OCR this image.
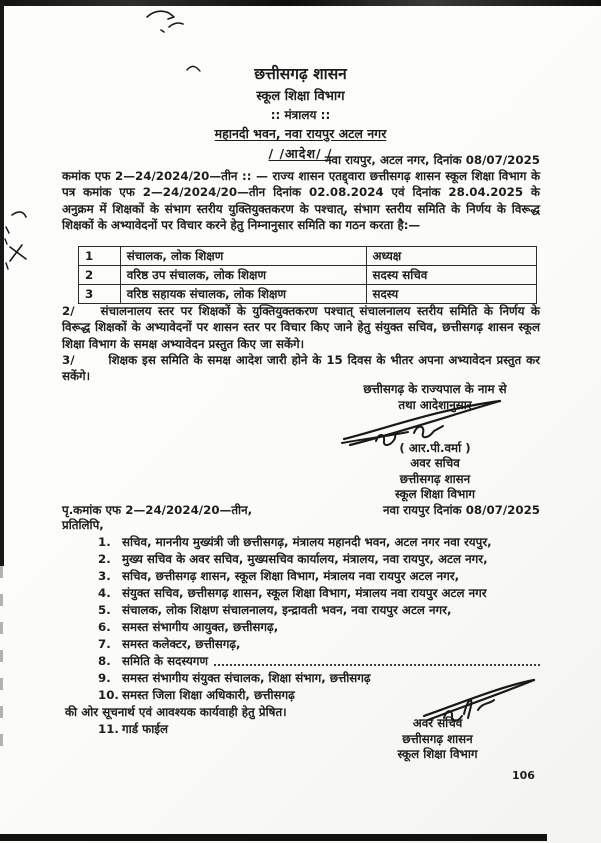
छत्तीसगढ़ शासन
स्कूल शिक्षा विभाग
:: मंत्रालय ::
महानदी भवन, नवा रायपुर अटल नगर
/ /आदेश/ /
नवा रायपुर, अटल नगर, दिनांक 08/07/2025
कमांक एफ 2—24/2024/20—तीन :: — राज्य शासन एतद्द्वारा छत्तीसगढ़ शासन स्कूल शिक्षा विभाग के पत्र कमांक एफ 2—24/2024/20—तीन दिनांक 02.08.2024 एवं दिनांक 28.04.2025 के अनुक्रम में शिक्षकों के संभाग स्तरीय युक्तियुक्तकरण के पश्चात्, संभाग स्तरीय समिति के निर्णय के विरूद्ध शिक्षकों के अभ्यावेदनों पर विचार करने हेतु निम्नानुसार समिति का गठन करता है:—
1	संचालक, लोक शिक्षण	अध्यक्ष
2	वरिष्ठ उप संचालक, लोक शिक्षण	सदस्य सचिव
3	वरिष्ठ सहायक संचालक, लोक शिक्षण	सदस्य
2/ संचालनालय स्तर पर शिक्षकों के युक्तियुक्तकरण पश्चात् संचालनालय स्तरीय समिति के निर्णय के विरूद्ध शिक्षकों के अभ्यावेदनों पर शासन स्तर पर विचार किए जाने हेतु संयुक्त सचिव, छत्तीसगढ़ शासन स्कूल शिक्षा विभाग के समक्ष अभ्यावेदन प्रस्तुत किए जा सकेंगे।
3/	शिक्षक इस समिति के समक्ष आदेश जारी होने के 15 दिवस के भीतर अपना अभ्यावेदन प्रस्तुत कर सकेंगे।
छत्तीसगढ़ के राज्यपाल के नाम से
तथा आदेशानुसार
( आर.पी.वर्मा )
अवर सचिव
छत्तीसगढ़ शासन
स्कूल शिक्षा विभाग
पृ.कमांक एफ 2—24/2024/20—तीन,	नवा रायपुर दिनांक 08/07/2025
प्रतिलिपि,
1. सचिव, माननीय मुख्यंत्री जी छत्तीसगढ़, मंत्रालय महानदी भवन, अटल नगर नवा रयपुर,
2. मुख्य सचिव के अवर सचिव, मुख्यसचिव कार्यालय, मंत्रालय, नवा रायपुर, अटल नगर,
3. सचिव, छत्तीसगढ़ शासन, स्कूल शिक्षा विभाग, मंत्रालय नवा रायपुर अटल नगर,
4. संयुक्त सचिव, छत्तीसगढ़ शासन, स्कूल शिक्षा विभाग, मंत्रालय नवा रायपुर अटल नगर
5. संचालक, लोक शिक्षण संचालनालय, इन्द्रावती भवन, नवा रायपुर अटल नगर,
6. समस्त संभागीय आयुक्त, छत्तीसगढ़,
7. समस्त कलेक्टर, छत्तीसगढ़,
8. समिति के सदस्यगण
9. समस्त संभागीय संयुक्त संचालक, शिक्षा संभाग, छत्तीसगढ़
10. समस्त जिला शिक्षा अधिकारी, छत्तीसगढ़
की ओर सूचनार्थ एवं आवश्यक कार्यवाही हेतु प्रेषित।
11. गार्ड फाईल	अवर सचिव
छत्तीसगढ़ शासन
स्कूल शिक्षा विभाग
106
